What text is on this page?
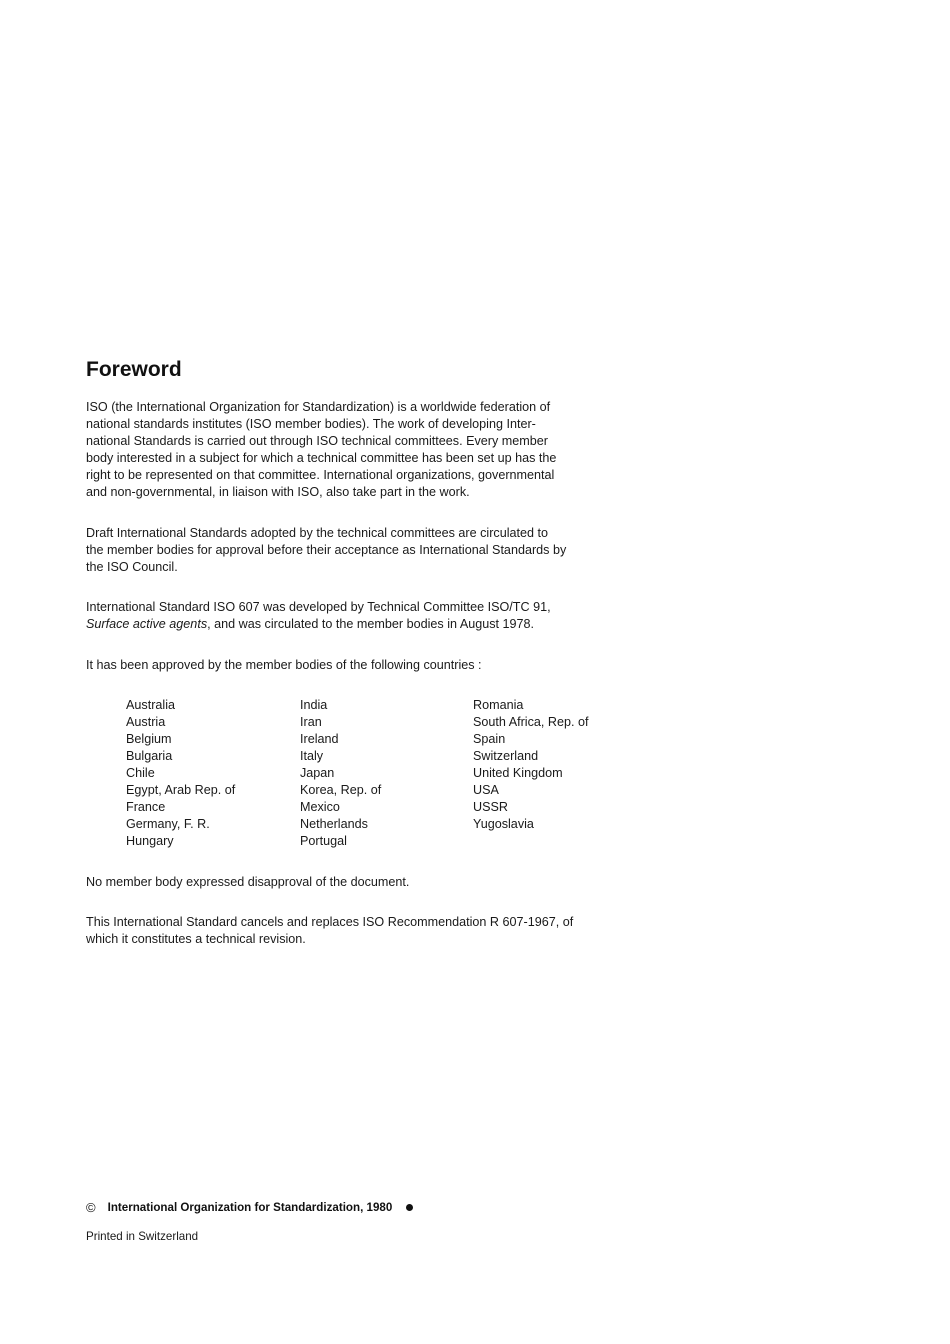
Foreword

ISO (the International Organization for Standardization) is a worldwide federation of
national standards institutes (ISO member bodies). The work of developing Inter-
national Standards is carried out through ISO technical committees. Every member
body interested in a subject for which a technical committee has been set up has the
right to be represented on that committee. International organizations, governmental
and non-governmental, in liaison with ISO, also take part in the work.

Draft International Standards adopted by the technical committees are circulated to
the member bodies for approval before their acceptance as International Standards by
the ISO Council.

International Standard ISO 607 was developed by Technical Committee ISO/TC 91,
Surface active agents, and was circulated to the member bodies in August 1978.

It has been approved by the member bodies of the following countries :

Australia
Austria
Belgium
Bulgaria
Chile
Egypt, Arab Rep. of
France
Germany, F. R.
Hungary
India
Iran
Ireland
Italy
Japan
Korea, Rep. of
Mexico
Netherlands
Portugal
Romania
South Africa, Rep. of
Spain
Switzerland
United Kingdom
USA
USSR
Yugoslavia

No member body expressed disapproval of the document.

This International Standard cancels and replaces ISO Recommendation R 607-1967, of
which it constitutes a technical revision.

© International Organization for Standardization, 1980
Printed in Switzerland
